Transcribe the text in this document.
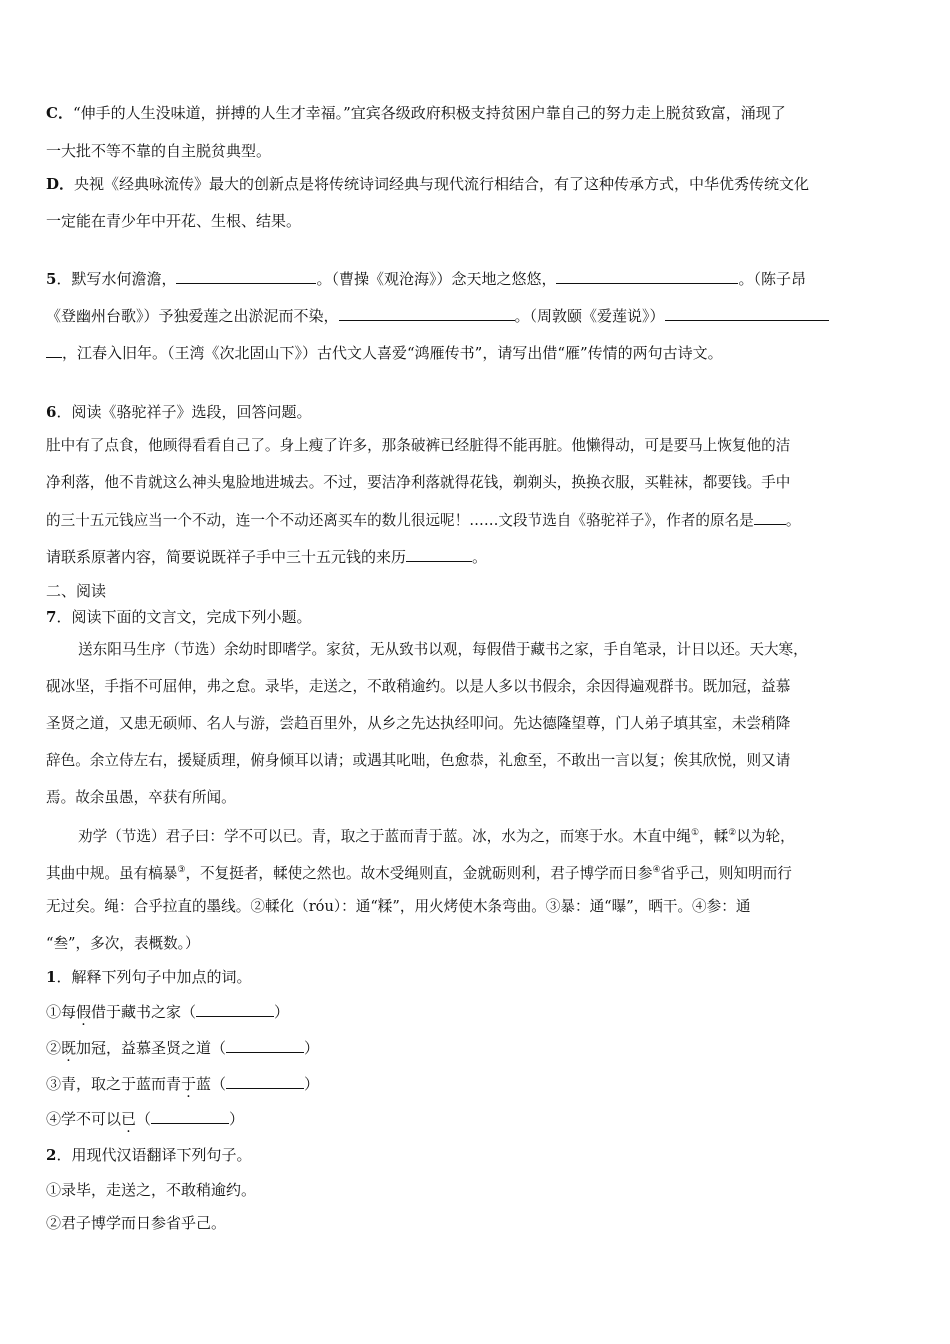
C．“伸手的人生没味道，拼搏的人生才幸福。”宜宾各级政府积极支持贫困户靠自己的努力走上脱贫致富，涌现了
一大批不等不靠的自主脱贫典型。
D．央视《经典咏流传》最大的创新点是将传统诗词经典与现代流行相结合，有了这种传承方式，中华优秀传统文化
一定能在青少年中开花、生根、结果。
5．默写水何澹澹，	。（曹操《观沧海》）念天地之悠悠，	。（陈子昂
《登幽州台歌》）予独爱莲之出淤泥而不染，	。（周敦颐《爱莲说》）
，江春入旧年。（王湾《次北固山下》）古代文人喜爱“鸿雁传书”，请写出借“雁”传情的两句古诗文。
6．阅读《骆驼祥子》选段，回答问题。
肚中有了点食，他顾得看看自己了。身上瘦了许多，那条破裤已经脏得不能再脏。他懒得动，可是要马上恢复他的洁
净利落，他不肯就这么神头鬼脸地进城去。不过，要洁净利落就得花钱，剃剃头，换换衣服，买鞋袜，都要钱。手中
的三十五元钱应当一个不动，连一个不动还离买车的数儿很远呢！……文段节选自《骆驼祥子》，作者的原名是 。
请联系原著内容，简要说既祥子手中三十五元钱的来历	。
二、阅读
7．阅读下面的文言文，完成下列小题。
送东阳马生序（节选）余幼时即嗜学。家贫，无从致书以观，每假借于藏书之家，手自笔录，计日以还。天大寒，
砚冰坚，手指不可屈伸，弗之怠。录毕，走送之，不敢稍逾约。以是人多以书假余，余因得遍观群书。既加冠，益慕
圣贤之道，又患无硕师、名人与游，尝趋百里外，从乡之先达执经叩问。先达德隆望尊，门人弟子填其室，未尝稍降
辞色。余立侍左右，援疑质理，俯身倾耳以请；或遇其叱咄，色愈恭，礼愈至，不敢出一言以复；俟其欣悦，则又请
焉。故余虽愚，卒获有所闻。
劝学（节选）君子曰：学不可以已。青，取之于蓝而青于蓝。冰，水为之，而寒于水。木直中绳①，輮②以为轮，
其曲中规。虽有槁暴③，不复挺者，輮使之然也。故木受绳则直，金就砺则利，君子博学而日参④省乎己，则知明而行
无过矣。绳：合乎拉直的墨线。②輮化（róu）：通“糅”，用火烤使木条弯曲。③暴：通“曝”，晒干。④参：通
“叁”，多次，表概数。）
1．解释下列句子中加点的词。
①每假借于藏书之家（	）
②既加冠，益慕圣贤之道（	）
③青，取之于蓝而青于蓝（	）
④学不可以已（	）
2．用现代汉语翻译下列句子。
①录毕，走送之，不敢稍逾约。
②君子博学而日参省乎己。
